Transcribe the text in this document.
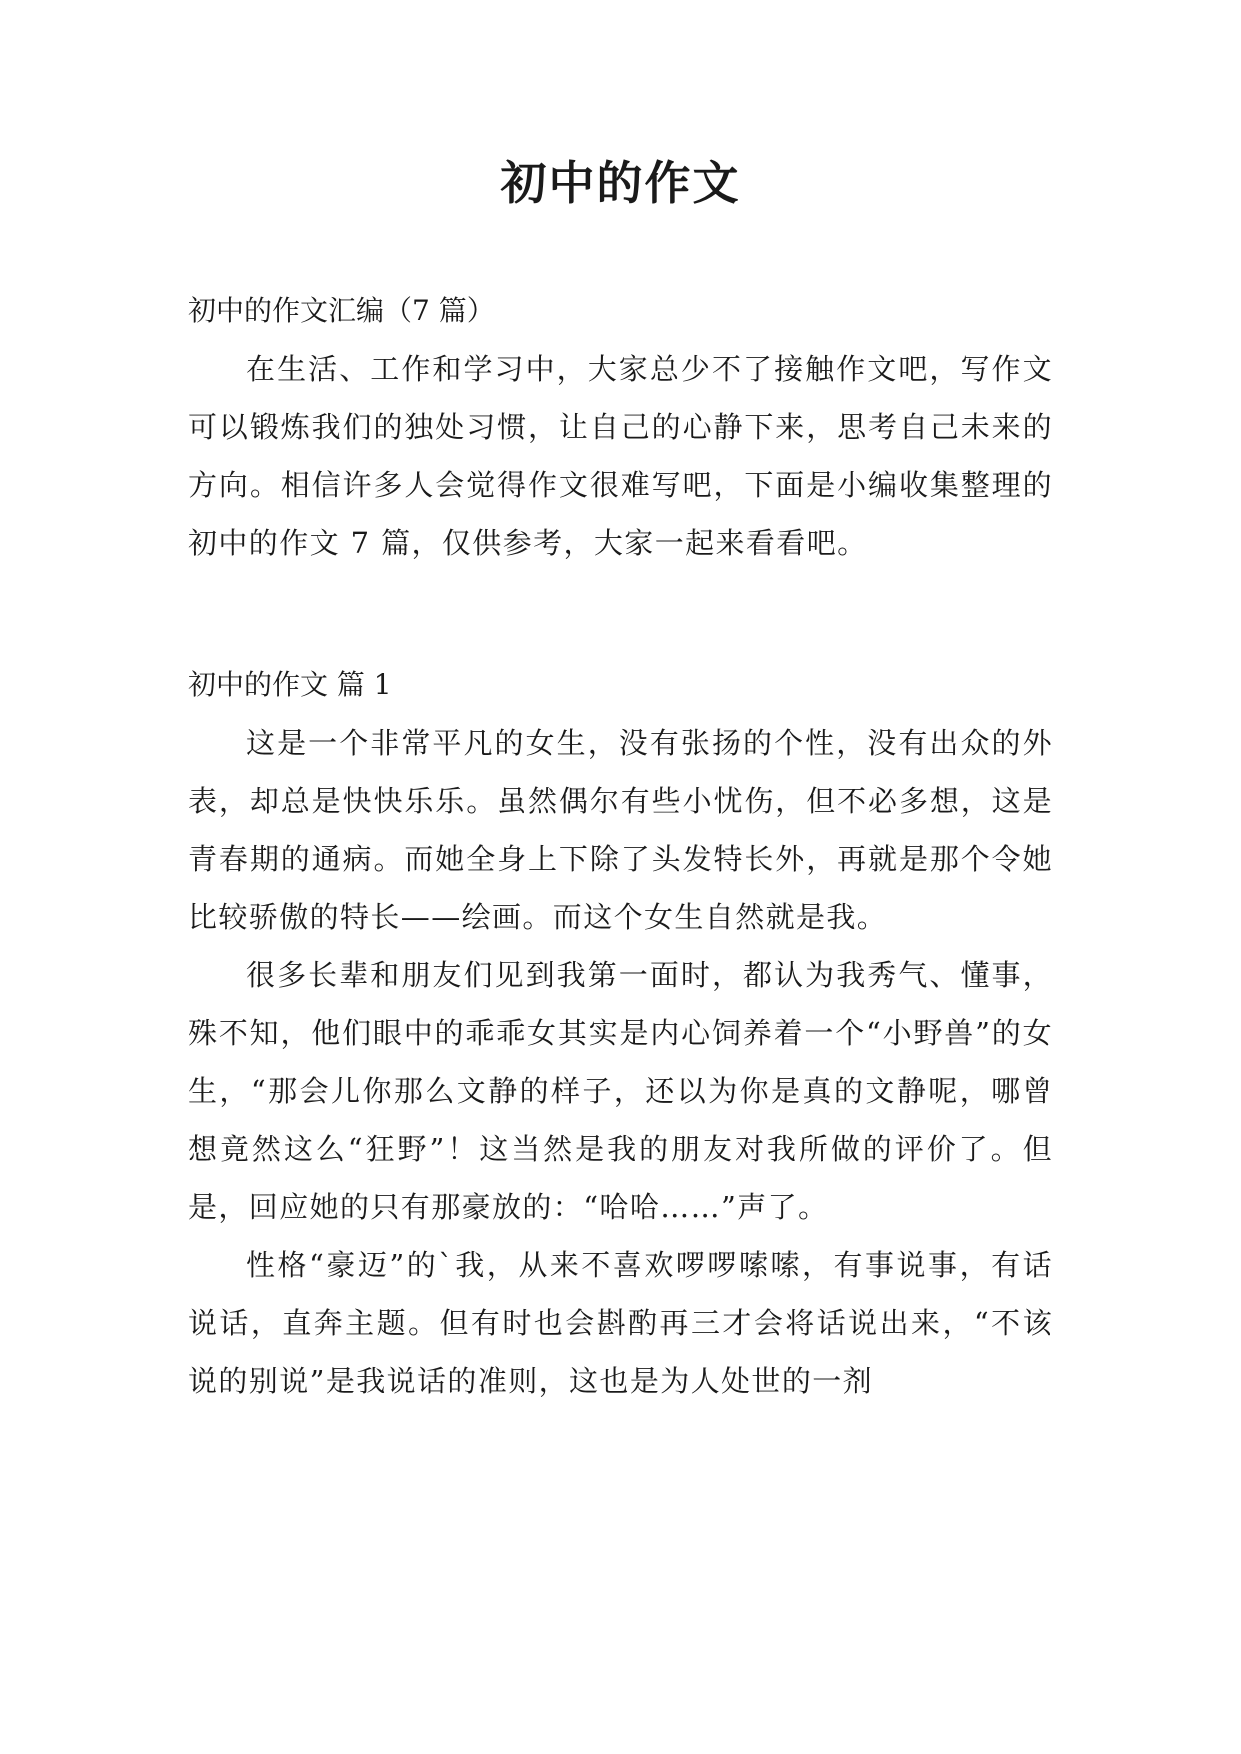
初中的作文

初中的作文汇编（7 篇）

在生活、工作和学习中，大家总少不了接触作文吧，写作文可以锻炼我们的独处习惯，让自己的心静下来，思考自己未来的方向。相信许多人会觉得作文很难写吧，下面是小编收集整理的初中的作文 7 篇，仅供参考，大家一起来看看吧。

初中的作文 篇 1

这是一个非常平凡的女生，没有张扬的个性，没有出众的外表，却总是快快乐乐。虽然偶尔有些小忧伤，但不必多想，这是青春期的通病。而她全身上下除了头发特长外，再就是那个令她比较骄傲的特长——绘画。而这个女生自然就是我。

很多长辈和朋友们见到我第一面时，都认为我秀气、懂事，殊不知，他们眼中的乖乖女其实是内心饲养着一个“小野兽”的女生，“那会儿你那么文静的样子，还以为你是真的文静呢，哪曾想竟然这么“狂野”！这当然是我的朋友对我所做的评价了。但是，回应她的只有那豪放的：“哈哈……”声了。

性格“豪迈”的`我，从来不喜欢啰啰嗦嗦，有事说事，有话说话，直奔主题。但有时也会斟酌再三才会将话说出来，“不该说的别说”是我说话的准则，这也是为人处世的一剂
